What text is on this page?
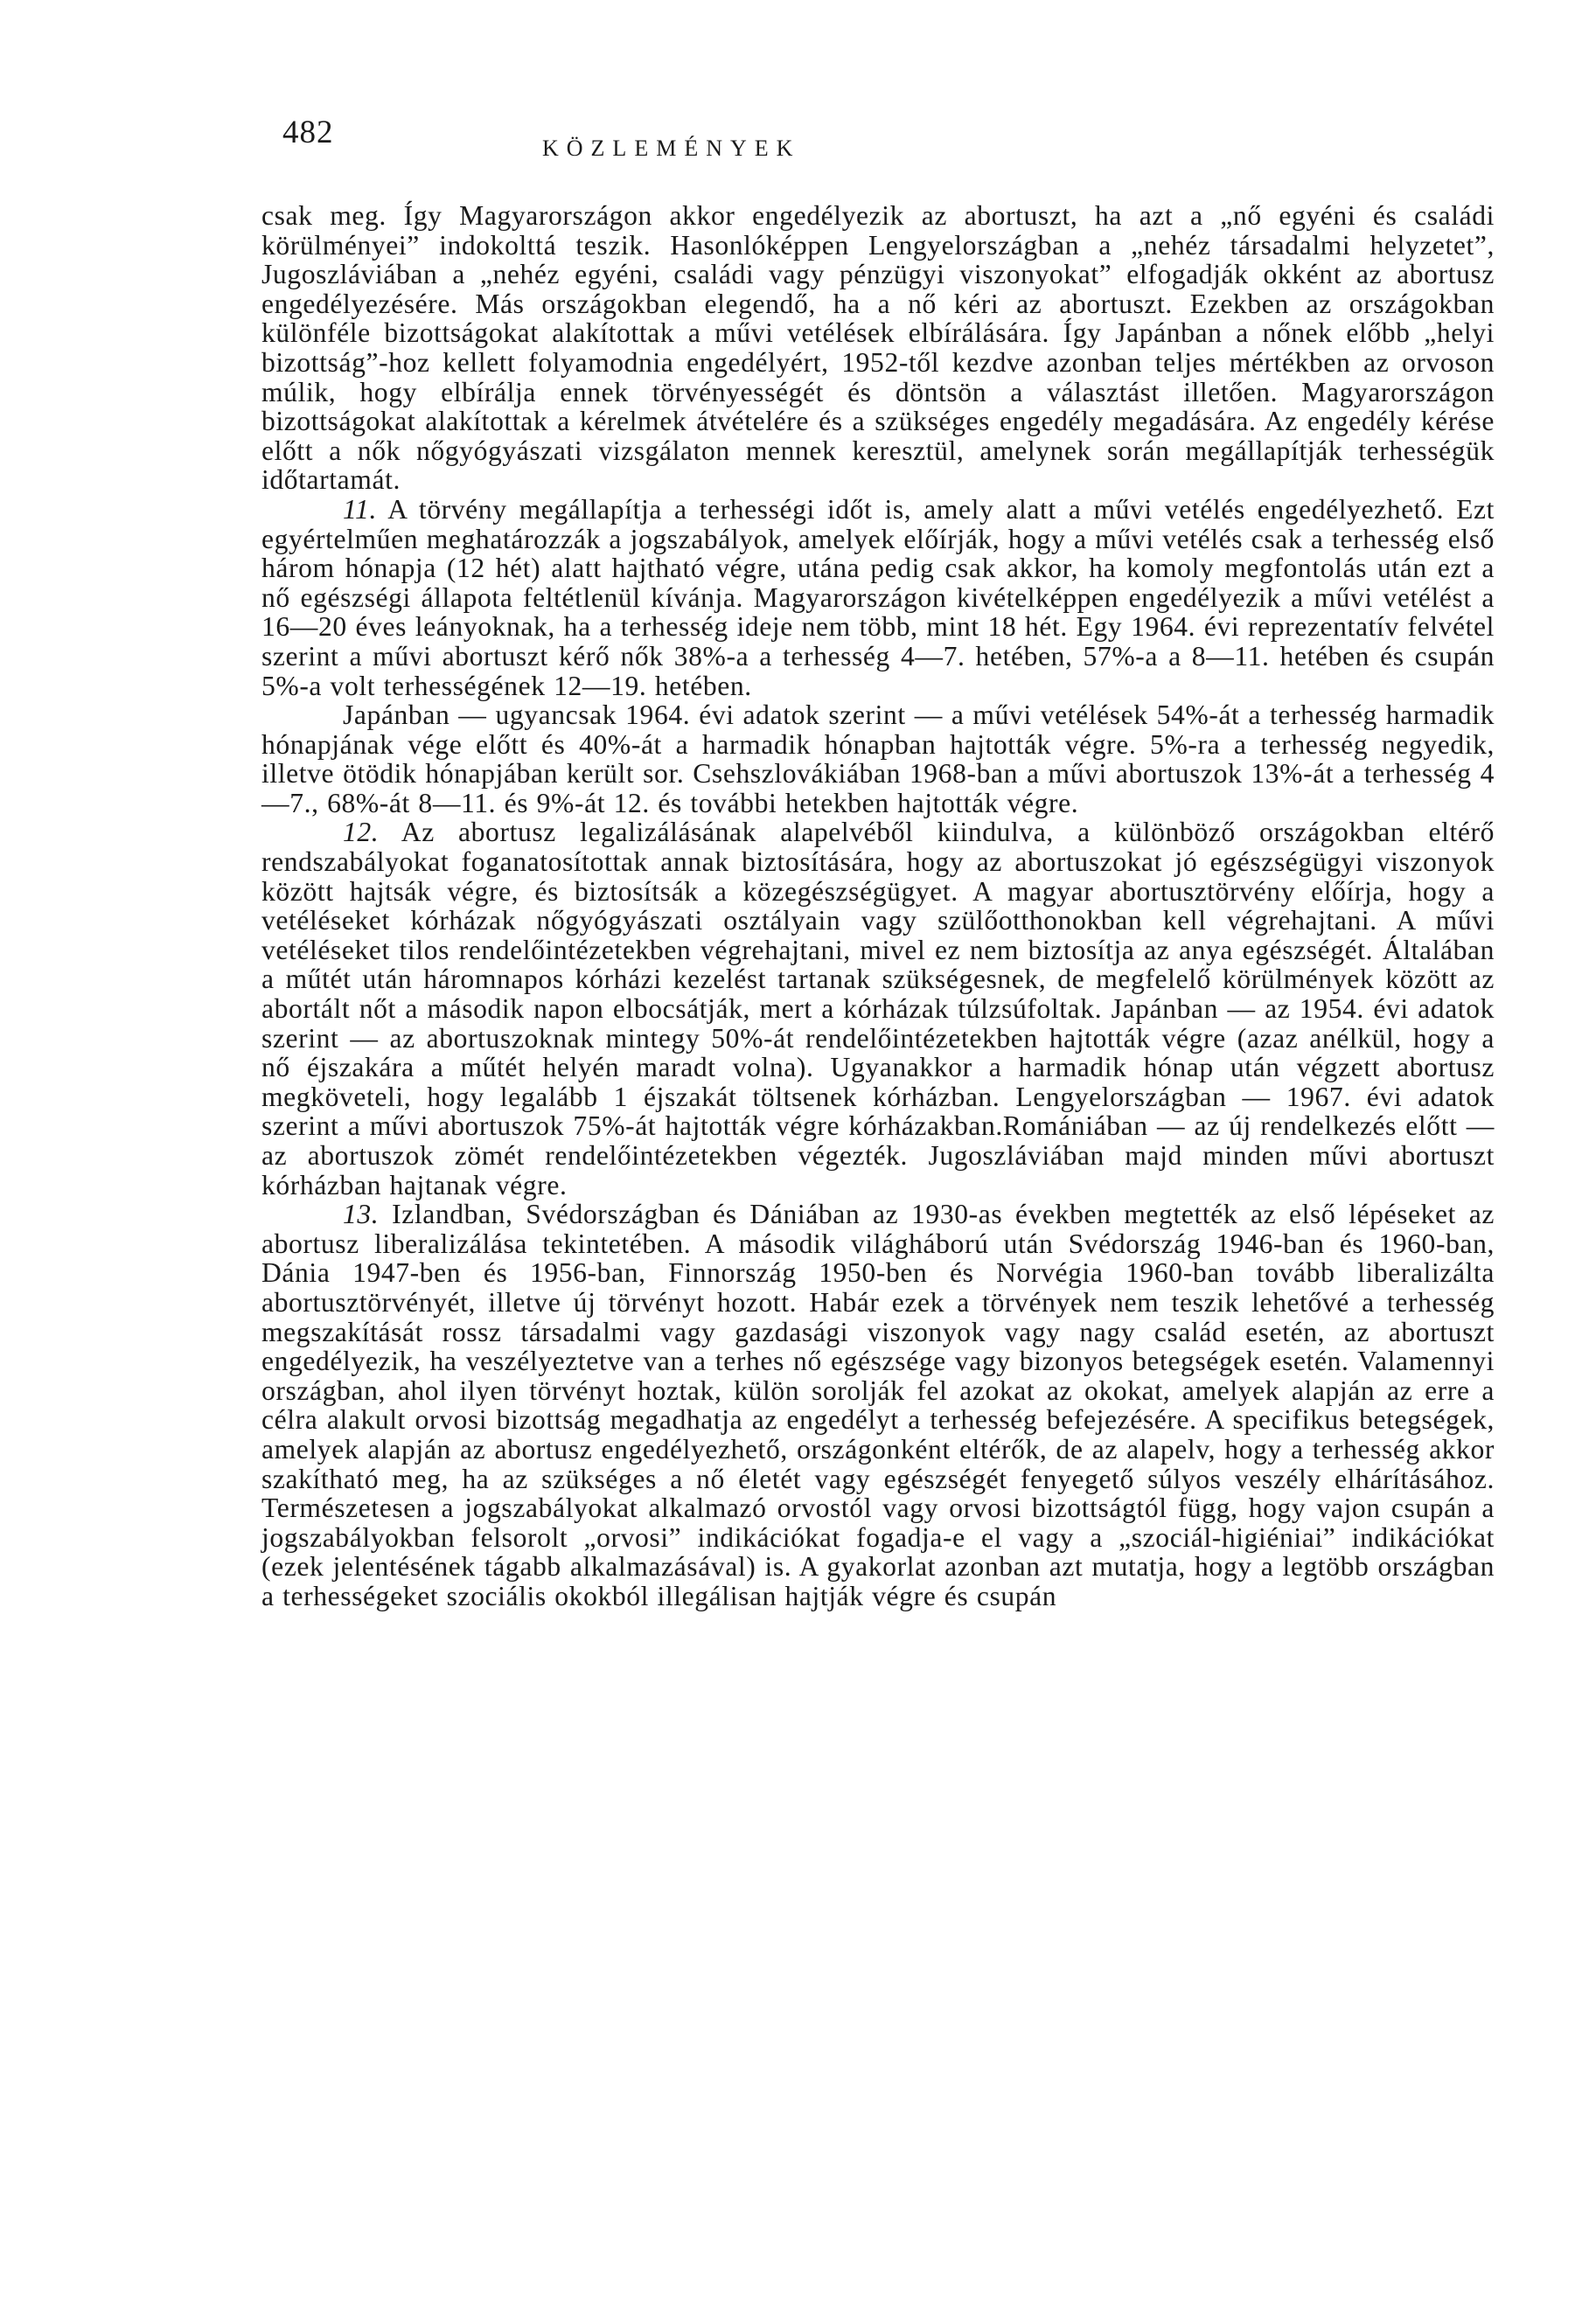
482	KÖZLEMÉNYEK

csak meg. Így Magyarországon akkor engedélyezik az abortuszt, ha azt a „nő egyéni és családi körülményei” indokolttá teszik. Hasonlóképpen Lengyelországban a „nehéz társadalmi helyzetet”, Jugoszláviában a „nehéz egyéni, családi vagy pénzügyi viszonyokat” elfogadják okként az abortusz engedélyezésére. Más országokban elegendő, ha a nő kéri az abortuszt. Ezekben az országokban különféle bizottságokat alakítottak a művi vetélések elbírálására. Így Japánban a nőnek előbb „helyi bizottság”-hoz kellett folyamodnia engedélyért, 1952-től kezdve azonban teljes mértékben az orvoson múlik, hogy elbírálja ennek törvényességét és döntsön a választást illetően. Magyarországon bizottságokat alakítottak a kérelmek átvételére és a szükséges engedély megadására. Az engedély kérése előtt a nők nőgyógyászati vizsgálaton mennek keresztül, amelynek során megállapítják terhességük időtartamát.

11. A törvény megállapítja a terhességi időt is, amely alatt a művi vetélés engedélyezhető. Ezt egyértelműen meghatározzák a jogszabályok, amelyek előírják, hogy a művi vetélés csak a terhesség első három hónapja (12 hét) alatt hajtható végre, utána pedig csak akkor, ha komoly megfontolás után ezt a nő egészségi állapota feltétlenül kívánja. Magyarországon kivételképpen engedélyezik a művi vetélést a 16—20 éves leányoknak, ha a terhesség ideje nem több, mint 18 hét. Egy 1964. évi reprezentatív felvétel szerint a művi abortuszt kérő nők 38%-a a terhesség 4—7. hetében, 57%-a a 8—11. hetében és csupán 5%-a volt terhességének 12—19. hetében.

Japánban — ugyancsak 1964. évi adatok szerint — a művi vetélések 54%-át a terhesség harmadik hónapjának vége előtt és 40%-át a harmadik hónapban hajtották végre. 5%-ra a terhesség negyedik, illetve ötödik hónapjában került sor. Csehszlovákiában 1968-ban a művi abortuszok 13%-át a terhesség 4—7., 68%-át 8—11. és 9%-át 12. és további hetekben hajtották végre.

12. Az abortusz legalizálásának alapelvéből kiindulva, a különböző országokban eltérő rendszabályokat foganatosítottak annak biztosítására, hogy az abortuszokat jó egészségügyi viszonyok között hajtsák végre, és biztosítsák a közegészségügyet. A magyar abortusztörvény előírja, hogy a vetéléseket kórházak nőgyógyászati osztályain vagy szülőotthonokban kell végrehajtani. A művi vetéléseket tilos rendelőintézetekben végrehajtani, mivel ez nem biztosítja az anya egészségét. Általában a műtét után háromnapos kórházi kezelést tartanak szükségesnek, de megfelelő körülmények között az abortált nőt a második napon elbocsátják, mert a kórházak túlzsúfoltak. Japánban — az 1954. évi adatok szerint — az abortuszoknak mintegy 50%-át rendelőintézetekben hajtották végre (azaz anélkül, hogy a nő éjszakára a műtét helyén maradt volna). Ugyanakkor a harmadik hónap után végzett abortusz megköveteli, hogy legalább 1 éjszakát töltsenek kórházban. Lengyelországban — 1967. évi adatok szerint a művi abortuszok 75%-át hajtották végre kórházakban.Romániában — az új rendelkezés előtt — az abortuszok zömét rendelőintézetekben végezték. Jugoszláviában majd minden művi abortuszt kórházban hajtanak végre.

13. Izlandban, Svédországban és Dániában az 1930-as években megtették az első lépéseket az abortusz liberalizálása tekintetében. A második világháború után Svédország 1946-ban és 1960-ban, Dánia 1947-ben és 1956-ban, Finnország 1950-ben és Norvégia 1960-ban tovább liberalizálta abortusztörvényét, illetve új törvényt hozott. Habár ezek a törvények nem teszik lehetővé a terhesség megszakítását rossz társadalmi vagy gazdasági viszonyok vagy nagy család esetén, az abortuszt engedélyezik, ha veszélyeztetve van a terhes nő egészsége vagy bizonyos betegségek esetén. Valamennyi országban, ahol ilyen törvényt hoztak, külön sorolják fel azokat az okokat, amelyek alapján az erre a célra alakult orvosi bizottság megadhatja az engedélyt a terhesség befejezésére. A specifikus betegségek, amelyek alapján az abortusz engedélyezhető, országonként eltérők, de az alapelv, hogy a terhesség akkor szakítható meg, ha az szükséges a nő életét vagy egészségét fenyegető súlyos veszély elhárításához. Természetesen a jogszabályokat alkalmazó orvostól vagy orvosi bizottságtól függ, hogy vajon csupán a jogszabályokban felsorolt „orvosi” indikációkat fogadja-e el vagy a „szociál-higiéniai” indikációkat (ezek jelentésének tágabb alkalmazásával) is. A gyakorlat azonban azt mutatja, hogy a legtöbb országban a terhességeket szociális okokból illegálisan hajtják végre és csupán
